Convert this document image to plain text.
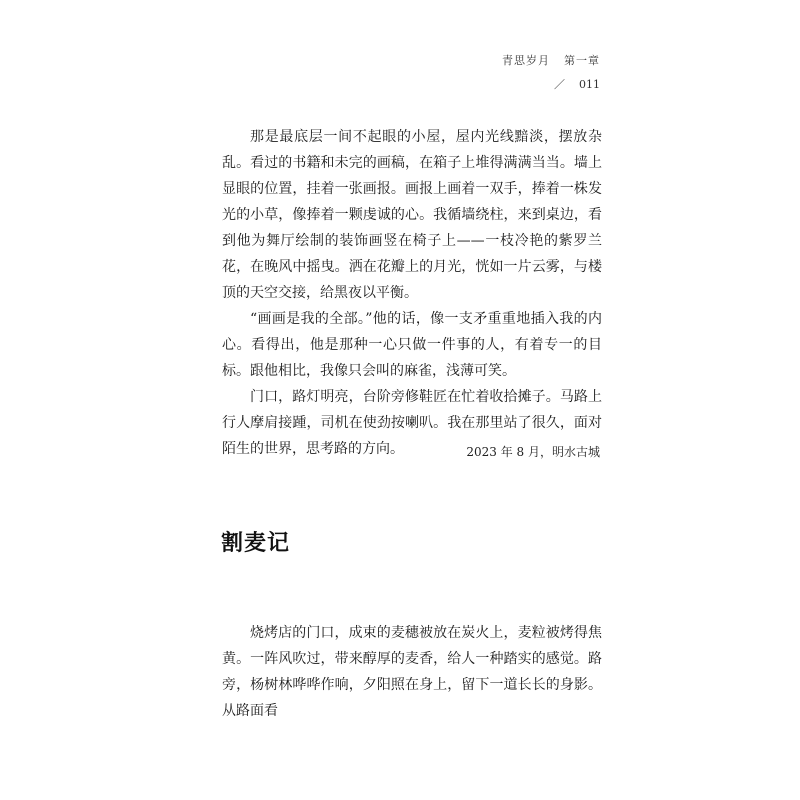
青思岁月 第一章
／ 011

那是最底层一间不起眼的小屋，屋内光线黯淡，摆放杂乱。看过的书籍和未完的画稿，在箱子上堆得满满当当。墙上显眼的位置，挂着一张画报。画报上画着一双手，捧着一株发光的小草，像捧着一颗虔诚的心。我循墙绕柱，来到桌边，看到他为舞厅绘制的装饰画竖在椅子上——一枝冷艳的紫罗兰花，在晚风中摇曳。洒在花瓣上的月光，恍如一片云雾，与楼顶的天空交接，给黑夜以平衡。

“画画是我的全部。”他的话，像一支矛重重地插入我的内心。看得出，他是那种一心只做一件事的人，有着专一的目标。跟他相比，我像只会叫的麻雀，浅薄可笑。

门口，路灯明亮，台阶旁修鞋匠在忙着收拾摊子。马路上行人摩肩接踵，司机在使劲按喇叭。我在那里站了很久，面对陌生的世界，思考路的方向。	2023 年 8 月，明水古城
割麦记

烧烤店的门口，成束的麦穗被放在炭火上，麦粒被烤得焦黄。一阵风吹过，带来醇厚的麦香，给人一种踏实的感觉。路旁，杨树林哗哗作响，夕阳照在身上，留下一道长长的身影。从路面看
